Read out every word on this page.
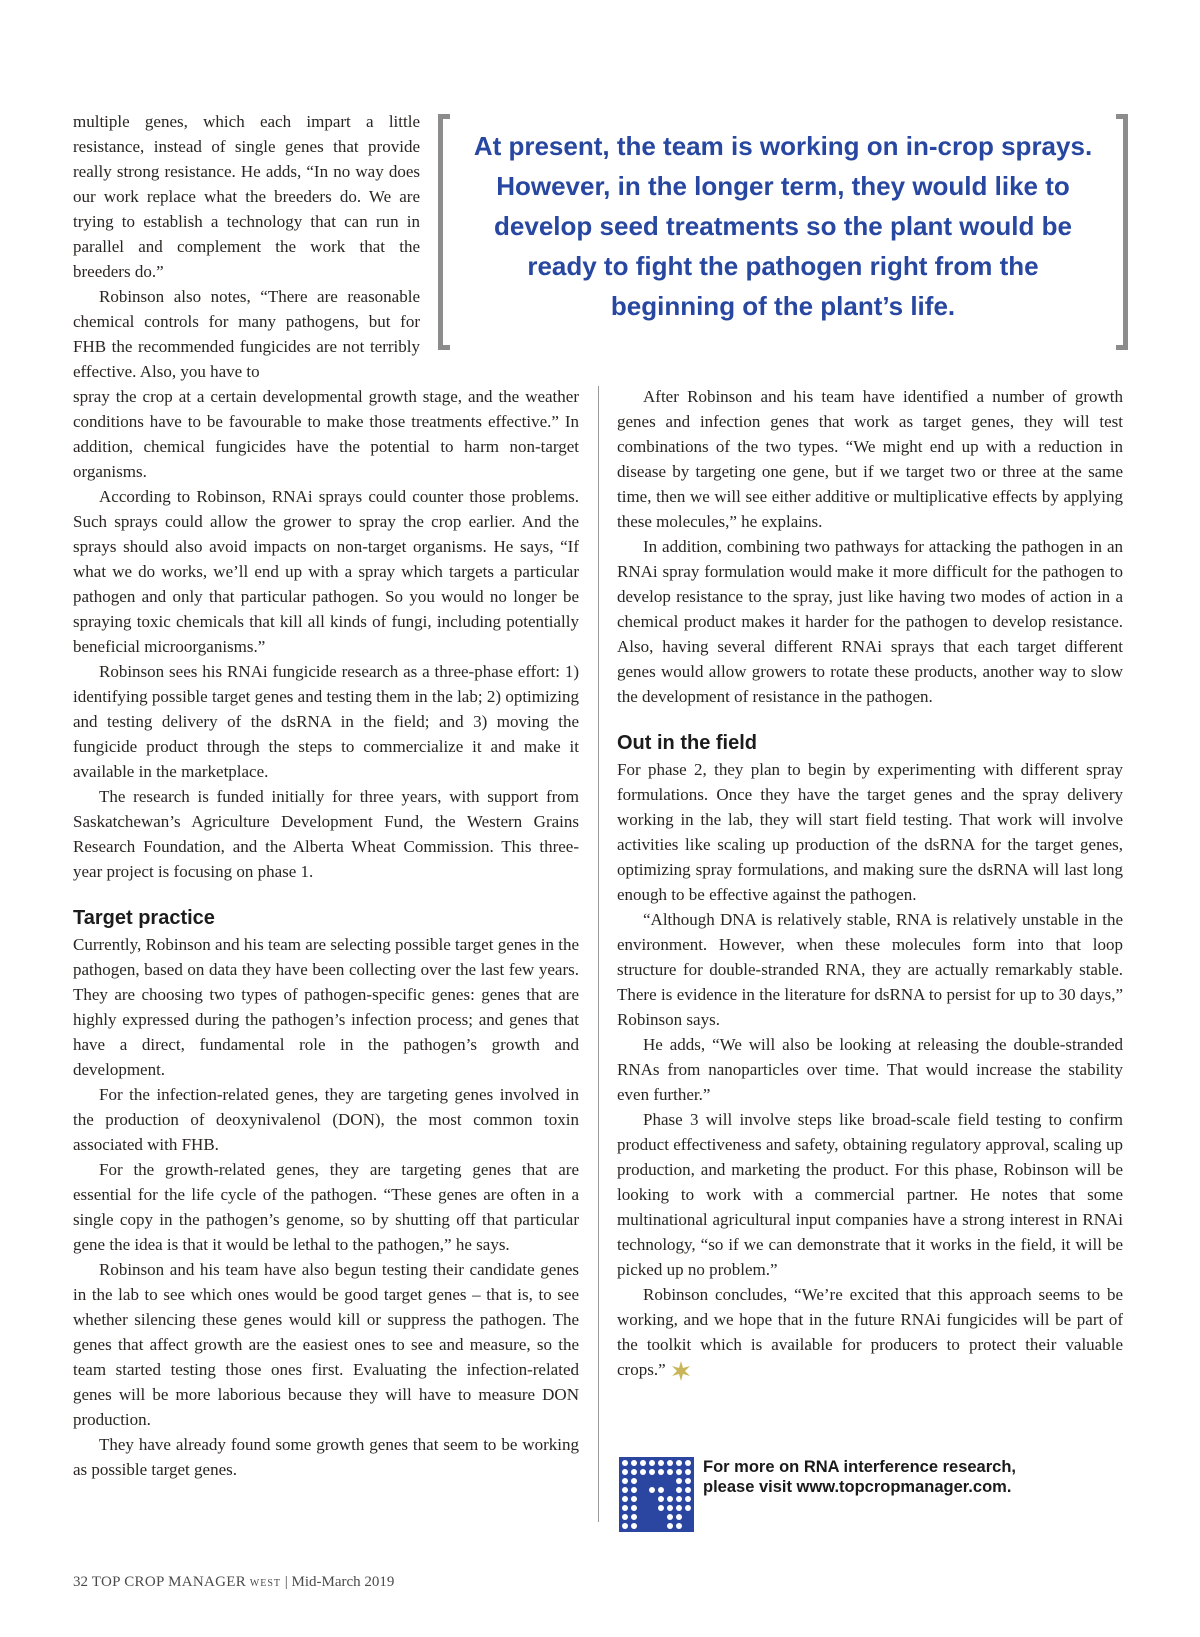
multiple genes, which each impart a little resistance, instead of single genes that provide really strong resistance. He adds, “In no way does our work replace what the breeders do. We are trying to establish a technology that can run in parallel and complement the work that the breeders do.”

Robinson also notes, “There are reasonable chemical controls for many pathogens, but for FHB the recommended fungicides are not terribly effective. Also, you have to

At present, the team is working on in-crop sprays. However, in the longer term, they would like to develop seed treatments so the plant would be ready to fight the pathogen right from the beginning of the plant’s life.

spray the crop at a certain developmental growth stage, and the weather conditions have to be favourable to make those treatments effective.” In addition, chemical fungicides have the potential to harm non-target organisms.

According to Robinson, RNAi sprays could counter those problems. Such sprays could allow the grower to spray the crop earlier. And the sprays should also avoid impacts on non-target organisms. He says, “If what we do works, we’ll end up with a spray which targets a particular pathogen and only that particular pathogen. So you would no longer be spraying toxic chemicals that kill all kinds of fungi, including potentially beneficial microorganisms.”

Robinson sees his RNAi fungicide research as a three-phase effort: 1) identifying possible target genes and testing them in the lab; 2) optimizing and testing delivery of the dsRNA in the field; and 3) moving the fungicide product through the steps to commercialize it and make it available in the marketplace.

The research is funded initially for three years, with support from Saskatchewan’s Agriculture Development Fund, the Western Grains Research Foundation, and the Alberta Wheat Commission. This three-year project is focusing on phase 1.

Target practice

Currently, Robinson and his team are selecting possible target genes in the pathogen, based on data they have been collecting over the last few years. They are choosing two types of pathogen-specific genes: genes that are highly expressed during the pathogen’s infection process; and genes that have a direct, fundamental role in the pathogen’s growth and development.

For the infection-related genes, they are targeting genes involved in the production of deoxynivalenol (DON), the most common toxin associated with FHB.

For the growth-related genes, they are targeting genes that are essential for the life cycle of the pathogen. “These genes are often in a single copy in the pathogen’s genome, so by shutting off that particular gene the idea is that it would be lethal to the pathogen,” he says.

Robinson and his team have also begun testing their candidate genes in the lab to see which ones would be good target genes – that is, to see whether silencing these genes would kill or suppress the pathogen. The genes that affect growth are the easiest ones to see and measure, so the team started testing those ones first. Evaluating the infection-related genes will be more laborious because they will have to measure DON production.

They have already found some growth genes that seem to be working as possible target genes.

After Robinson and his team have identified a number of growth genes and infection genes that work as target genes, they will test combinations of the two types. “We might end up with a reduction in disease by targeting one gene, but if we target two or three at the same time, then we will see either additive or multiplicative effects by applying these molecules,” he explains.

In addition, combining two pathways for attacking the pathogen in an RNAi spray formulation would make it more difficult for the pathogen to develop resistance to the spray, just like having two modes of action in a chemical product makes it harder for the pathogen to develop resistance. Also, having several different RNAi sprays that each target different genes would allow growers to rotate these products, another way to slow the development of resistance in the pathogen.

Out in the field

For phase 2, they plan to begin by experimenting with different spray formulations. Once they have the target genes and the spray delivery working in the lab, they will start field testing. That work will involve activities like scaling up production of the dsRNA for the target genes, optimizing spray formulations, and making sure the dsRNA will last long enough to be effective against the pathogen.

“Although DNA is relatively stable, RNA is relatively unstable in the environment. However, when these molecules form into that loop structure for double-stranded RNA, they are actually remarkably stable. There is evidence in the literature for dsRNA to persist for up to 30 days,” Robinson says.

He adds, “We will also be looking at releasing the double-stranded RNAs from nanoparticles over time. That would increase the stability even further.”

Phase 3 will involve steps like broad-scale field testing to confirm product effectiveness and safety, obtaining regulatory approval, scaling up production, and marketing the product. For this phase, Robinson will be looking to work with a commercial partner. He notes that some multinational agricultural input companies have a strong interest in RNAi technology, “so if we can demonstrate that it works in the field, it will be picked up no problem.”

Robinson concludes, “We’re excited that this approach seems to be working, and we hope that in the future RNAi fungicides will be part of the toolkit which is available for producers to protect their valuable crops.”

For more on RNA interference research,
please visit www.topcropmanager.com.

32 TOP CROP MANAGER WEST | Mid-March 2019
